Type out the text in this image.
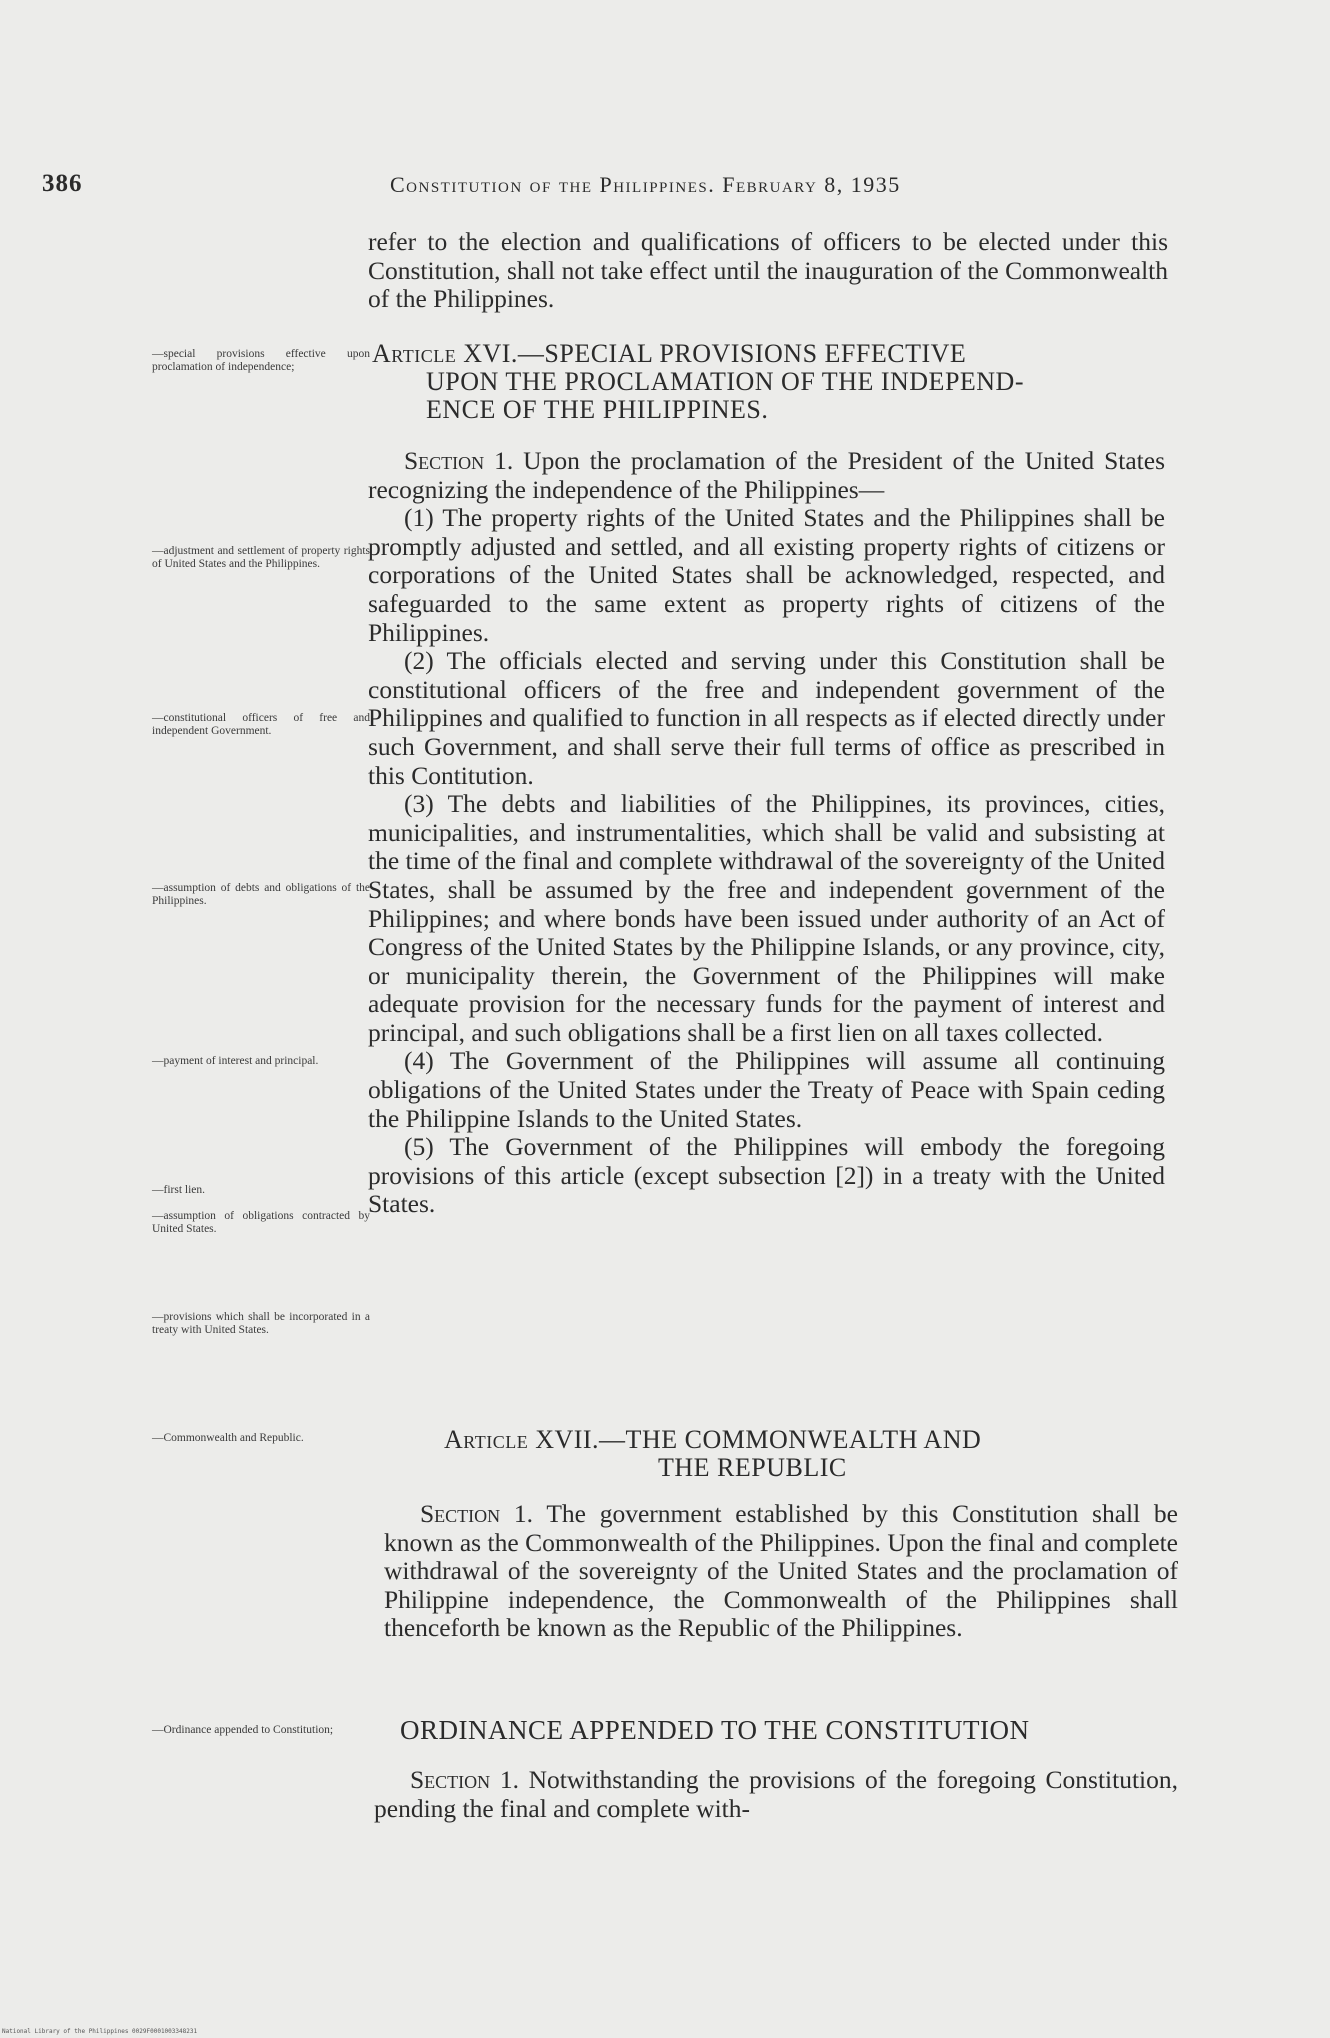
386	Constitution of the Philippines. February 8, 1935

refer to the election and qualifications of officers to be elected under this Constitution, shall not take effect until the inauguration of the Commonwealth of the Philippines.

Article XVI.—SPECIAL PROVISIONS EFFECTIVE
UPON THE PROCLAMATION OF THE INDEPEND-
ENCE OF THE PHILIPPINES.

Section 1. Upon the proclamation of the President of the United States recognizing the independence of the Philippines—

(1) The property rights of the United States and the Philippines shall be promptly adjusted and settled, and all existing property rights of citizens or corporations of the United States shall be acknowledged, respected, and safeguarded to the same extent as property rights of citizens of the Philippines.

(2) The officials elected and serving under this Constitution shall be constitutional officers of the free and independent government of the Philippines and qualified to function in all respects as if elected directly under such Government, and shall serve their full terms of office as prescribed in this Contitution.

(3) The debts and liabilities of the Philippines, its provinces, cities, municipalities, and instrumentalities, which shall be valid and subsisting at the time of the final and complete withdrawal of the sovereignty of the United States, shall be assumed by the free and independent government of the Philippines; and where bonds have been issued under authority of an Act of Congress of the United States by the Philippine Islands, or any province, city, or municipality therein, the Government of the Philippines will make adequate provision for the necessary funds for the payment of interest and principal, and such obligations shall be a first lien on all taxes collected.

(4) The Government of the Philippines will assume all continuing obligations of the United States under the Treaty of Peace with Spain ceding the Philippine Islands to the United States.

(5) The Government of the Philippines will embody the foregoing provisions of this article (except subsection [2]) in a treaty with the United States.

Article XVII.—THE COMMONWEALTH AND
THE REPUBLIC

Section 1. The government established by this Constitution shall be known as the Commonwealth of the Philippines. Upon the final and complete withdrawal of the sovereignty of the United States and the proclamation of Philippine independence, the Commonwealth of the Philippines shall thenceforth be known as the Republic of the Philippines.

ORDINANCE APPENDED TO THE CONSTITUTION

Section 1. Notwithstanding the provisions of the foregoing Constitution, pending the final and complete with-

—special provisions effective upon proclamation of independence;
—adjustment and settlement of property rights of United States and the Philippines.
—constitutional officers of free and independent Government.
—assumption of debts and obligations of the Philippines.
—payment of interest and principal.
—first lien.
—assumption of obligations contracted by United States.
—provisions which shall be incorporated in a treaty with United States.
—Commonwealth and Republic.
—Ordinance appended to Constitution;
National Library of the Philippines 0029F0001003348231
